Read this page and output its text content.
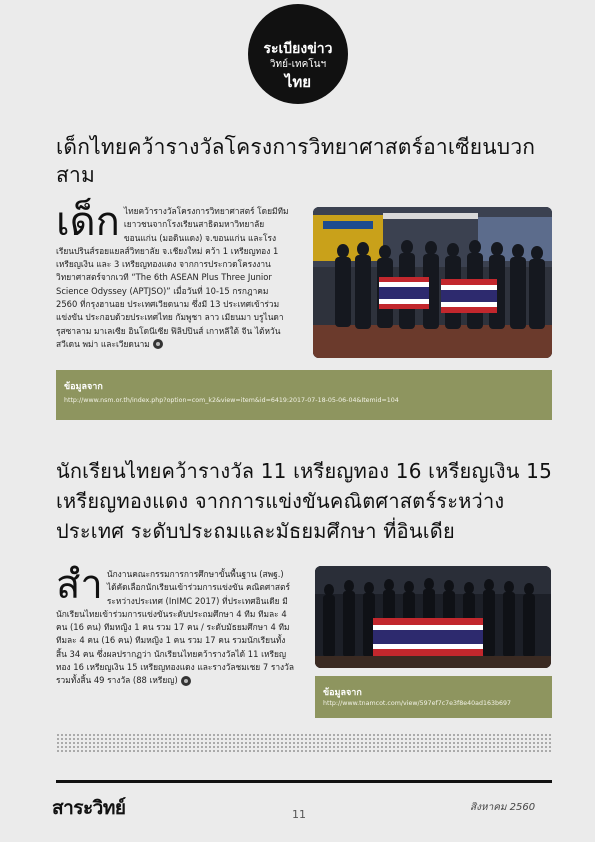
ระเบียงข่าว
วิทย์-เทคโนฯ
ไทย
เด็กไทยคว้ารางวัลโครงการวิทยาศาสตร์อาเซียนบวกสาม

เด็ก ไทยคว้ารางวัลโครงการวิทยาศาสตร์ โดยมีทีมเยาวชนจากโรงเรียนสาธิตมหาวิทยาลัยขอนแก่น (มอดินแดง) จ.ขอนแก่น และโรงเรียนปรินส์รอยแยลส์วิทยาลัย จ.เชียงใหม่ คว้า 1 เหรียญทอง 1 เหรียญเงิน และ 3 เหรียญทองแดง จากการประกวดโครงงานวิทยาศาสตร์จากเวที “The 6th ASEAN Plus Three Junior Science Odyssey (APTJSO)” เมื่อวันที่ 10-15 กรกฎาคม 2560 ที่กรุงฮานอย ประเทศเวียดนาม ซึ่งมี 13 ประเทศเข้าร่วมแข่งขัน ประกอบด้วยประเทศไทย กัมพูชา ลาว เมียนมา บรูไนดารุสซาลาม มาเลเซีย อินโดนีเซีย ฟิลิปปินส์ เกาหลีใต้ จีน ไต้หวัน สวีเดน พม่า และเวียดนาม

ข้อมูลจาก
http://www.nsm.or.th/index.php?option=com_k2&view=item&id=6419:2017-07-18-05-06-04&Itemid=104
นักเรียนไทยคว้ารางวัล 11 เหรียญทอง 16 เหรียญเงิน 15 เหรียญทองแดง จากการแข่งขันคณิตศาสตร์ระหว่างประเทศ ระดับประถมและมัธยมศึกษา ที่อินเดีย

สำ นักงานคณะกรรมการการศึกษาขั้นพื้นฐาน (สพฐ.) ได้คัดเลือกนักเรียนเข้าร่วมการแข่งขัน คณิตศาสตร์ระหว่างประเทศ (InIMC 2017) ที่ประเทศอินเดีย มีนักเรียนไทยเข้าร่วมการแข่งขันระดับประถมศึกษา 4 ทีม ทีมละ 4 คน (16 คน) ทีมหญิง 1 คน รวม 17 คน / ระดับมัธยมศึกษา 4 ทีม ทีมละ 4 คน (16 คน) ทีมหญิง 1 คน รวม 17 คน รวมนักเรียนทั้งสิ้น 34 คน ซึ่งผลปรากฏว่า นักเรียนไทยคว้ารางวัลได้ 11 เหรียญทอง 16 เหรียญเงิน 15 เหรียญทองแดง และรางวัลชมเชย 7 รางวัล รวมทั้งสิ้น 49 รางวัล (88 เหรียญ)

ข้อมูลจาก
http://www.tnamcot.com/view/597ef7c7e3f8e40ad163b697
สาระวิทย์	11
สิงหาคม 2560
